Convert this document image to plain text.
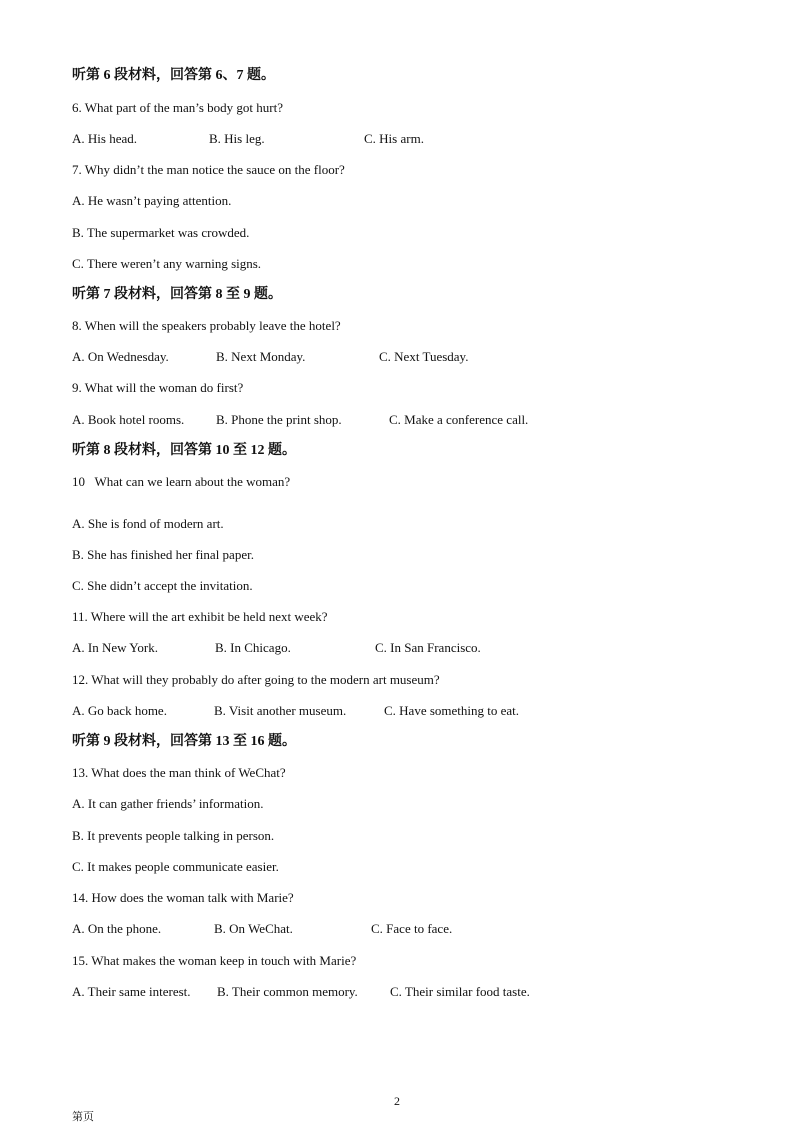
听第 6 段材料，回答第 6、7 题。
6. What part of the man’s body got hurt?
A. His head.	B. His leg.	C. His arm.
7. Why didn’t the man notice the sauce on the floor?
A. He wasn’t paying attention.
B. The supermarket was crowded.
C. There weren’t any warning signs.
听第 7 段材料，回答第 8 至 9 题。
8. When will the speakers probably leave the hotel?
A. On Wednesday.	B. Next Monday.	C. Next Tuesday.
9. What will the woman do first?
A. Book hotel rooms. B. Phone the print shop.	C. Make a conference call.
听第 8 段材料，回答第 10 至 12 题。
10   What can we learn about the woman?
A. She is fond of modern art.
B. She has finished her final paper.
C. She didn’t accept the invitation.
11. Where will the art exhibit be held next week?
A. In New York.	B. In Chicago.	C. In San Francisco.
12. What will they probably do after going to the modern art museum?
A. Go back home.	B. Visit another museum.	C. Have something to eat.
听第 9 段材料，回答第 13 至 16 题。
13. What does the man think of WeChat?
A. It can gather friends’ information.
B. It prevents people talking in person.
C. It makes people communicate easier.
14. How does the woman talk with Marie?
A. On the phone.	B. On WeChat.	C. Face to face.
15. What makes the woman keep in touch with Marie?
A. Their same interest. B. Their common memory. C. Their similar food taste.
2
第页
